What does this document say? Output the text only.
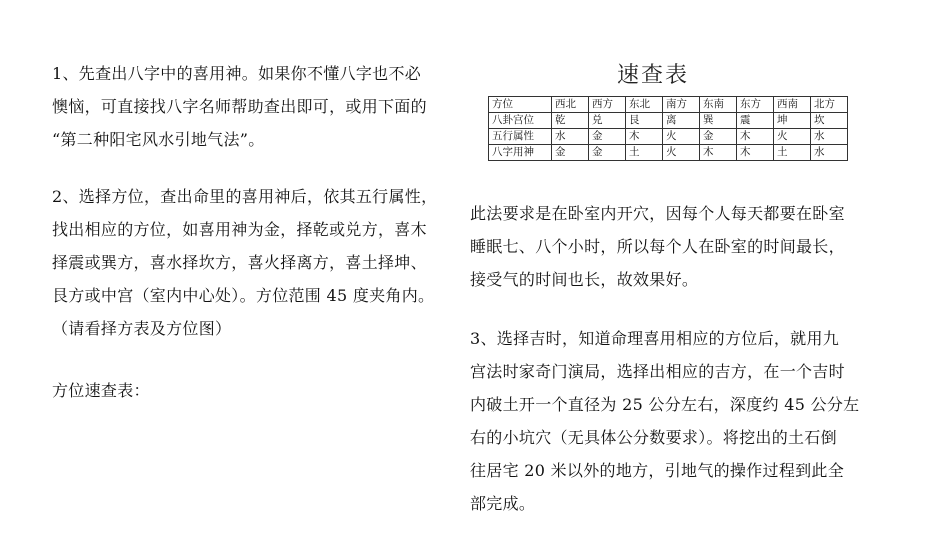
1、先查出八字中的喜用神。如果你不懂八字也不必
懊恼，可直接找八字名师帮助查出即可，或用下面的
“第二种阳宅风水引地气法”。

2、选择方位，查出命里的喜用神后，依其五行属性，
找出相应的方位，如喜用神为金，择乾或兑方，喜木
择震或巽方，喜水择坎方，喜火择离方，喜土择坤、
艮方或中宫（室内中心处）。方位范围 45 度夹角内。
（请看择方表及方位图）

方位速查表：

速查表

方位	西北	西方	东北	南方	东南	东方	西南	北方
八卦宫位	乾	兑	艮	离	巽	震	坤	坎
五行属性	水	金	木	火	金	木	火	水
八字用神	金	金	土	火	木	木	土	水

此法要求是在卧室内开穴，因每个人每天都要在卧室
睡眠七、八个小时，所以每个人在卧室的时间最长，
接受气的时间也长，故效果好。

3、选择吉时，知道命理喜用相应的方位后，就用九
宫法时家奇门演局，选择出相应的吉方，在一个吉时
内破土开一个直径为 25 公分左右，深度约 45 公分左
右的小坑穴（无具体公分数要求）。将挖出的土石倒
往居宅 20 米以外的地方，引地气的操作过程到此全
部完成。
